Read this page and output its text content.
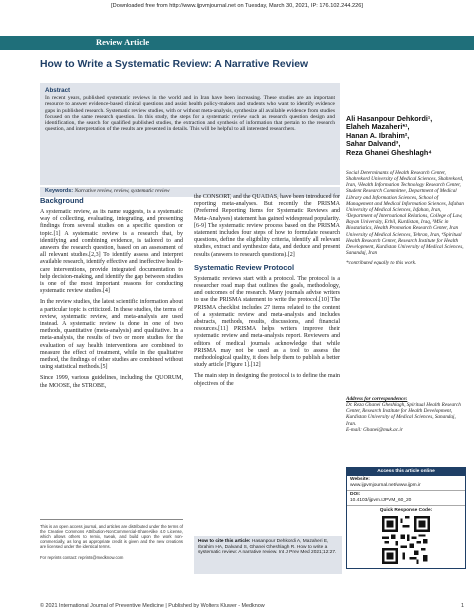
[Downloaded free from http://www.ijpvmjournal.net on Tuesday, March 30, 2021, IP: 176.102.244.226]
Review Article
How to Write a Systematic Review: A Narrative Review
Abstract

In recent years, published systematic reviews in the world and in Iran have been increasing. These studies are an important resource to answer evidence-based clinical questions and assist health policy-makers and students who want to identify evidence gaps in published research. Systematic review studies, with or without meta-analysis, synthesize all available evidence from studies focused on the same research question. In this study, the steps for a systematic review such as research question design and identification, the search for qualified published studies, the extraction and synthesis of information that pertain to the research question, and interpretation of the results are presented in details. This will be helpful to all interested researchers.

Keywords: Narrative review, review, systematic review
Ali Hasanpour Dehkordi¹,
Elaheh Mazaheri*¹,
Hanan A. Ibrahim²,
Sahar Dalvand³,
Reza Ghanei Gheshlagh⁴
Social Determinants of Health Research Center, Shahrekord University of Medical Sciences, Shahrekord, Iran, ¹Health Information Technology Research Center, Student Research Committee, Department of Medical Library and Information Sciences, School of Management and Medical Information Sciences, Isfahan University of Medical Sciences, Isfahan, Iran, ²Department of International Relations, College of Law, Bayan University, Erbil, Kurdistan, Iraq, ³MSc in Biostatistics, Health Promotion Research Center, Iran University of Medical Sciences, Tehran, Iran, ⁴Spiritual Health Research Center, Research Institute for Health Development, Kurdistan University of Medical Sciences, Sanandaj, Iran
*contributed equally to this work.
Background

A systematic review, as its name suggests, is a systematic way of collecting, evaluating, integrating, and presenting findings from several studies on a specific question or topic.[1] A systematic review is a research that, by identifying and combining evidence, is tailored to and answers the research question, based on an assessment of all relevant studies.[2,3] To identify assess and interpret available research, identify effective and ineffective health-care interventions, provide integrated documentation to help decision-making, and identify the gap between studies is one of the most important reasons for conducting systematic review studies.[4]

In the review studies, the latest scientific information about a particular topic is criticized. In these studies, the terms of review, systematic review, and meta-analysis are used instead. A systematic review is done in one of two methods, quantitative (meta-analysis) and qualitative. In a meta-analysis, the results of two or more studies for the evaluation of say health interventions are combined to measure the effect of treatment, while in the qualitative method, the findings of other studies are combined without using statistical methods.[5]

Since 1999, various guidelines, including the QUORUM, the MOOSE, the STROBE,

the CONSORT, and the QUADAS, have been introduced for reporting meta-analyses. But recently the PRISMA (Preferred Reporting Items for Systematic Reviews and Meta-Analyses) statement has gained widespread popularity.[6-9] The systematic review process based on the PRISMA statement includes four steps of how to formulate research questions, define the eligibility criteria, identify all relevant studies, extract and synthesize data, and deduce and present results (answers to research questions).[2]

Systematic Review Protocol

Systematic reviews start with a protocol. The protocol is a researcher road map that outlines the goals, methodology, and outcomes of the research. Many journals advise writers to use the PRISMA statement to write the protocol.[10] The PRISMA checklist includes 27 items related to the content of a systematic review and meta-analysis and includes abstracts, methods, results, discussions, and financial resources.[11] PRISMA helps writers improve their systematic review and meta-analysis report. Reviewers and editors of medical journals acknowledge that while PRISMA may not be used as a tool to assess the methodological quality, it does help them to publish a better study article [Figure 1].[12]

The main step in designing the protocol is to define the main objectives of the

This is an open access journal, and articles are distributed under the terms of the Creative Commons Attribution-NonCommercial-ShareAlike 4.0 License, which allows others to remix, tweak, and build upon the work non-commercially, as long as appropriate credit is given and the new creations are licensed under the identical terms.
For reprints contact: reprints@medknow.com
How to cite this article: Hasanpour Dehkordi A, Mazaheri E, Ibrahim HA, Dalvand S, Ghanei Gheshlagh R. How to write a systematic review: A narrative review. Int J Prev Med 2021;12:27.
Address for correspondence:
Dr. Reza Ghanei Gheshlagh, Spiritual Health Research Center, Research Institute for Health Development, Kurdistan University of Medical Sciences, Sanandaj, Iran.
E-mail: Ghanei@muk.ac.ir
Access this article online
Website:
www.ijpvmjournal.net/www.ijpm.ir
DOI:
10.4103/ijpvm.IJPVM_60_20
Quick Response Code:
© 2021 International Journal of Preventive Medicine | Published by Wolters Kluwer - Medknow	1
